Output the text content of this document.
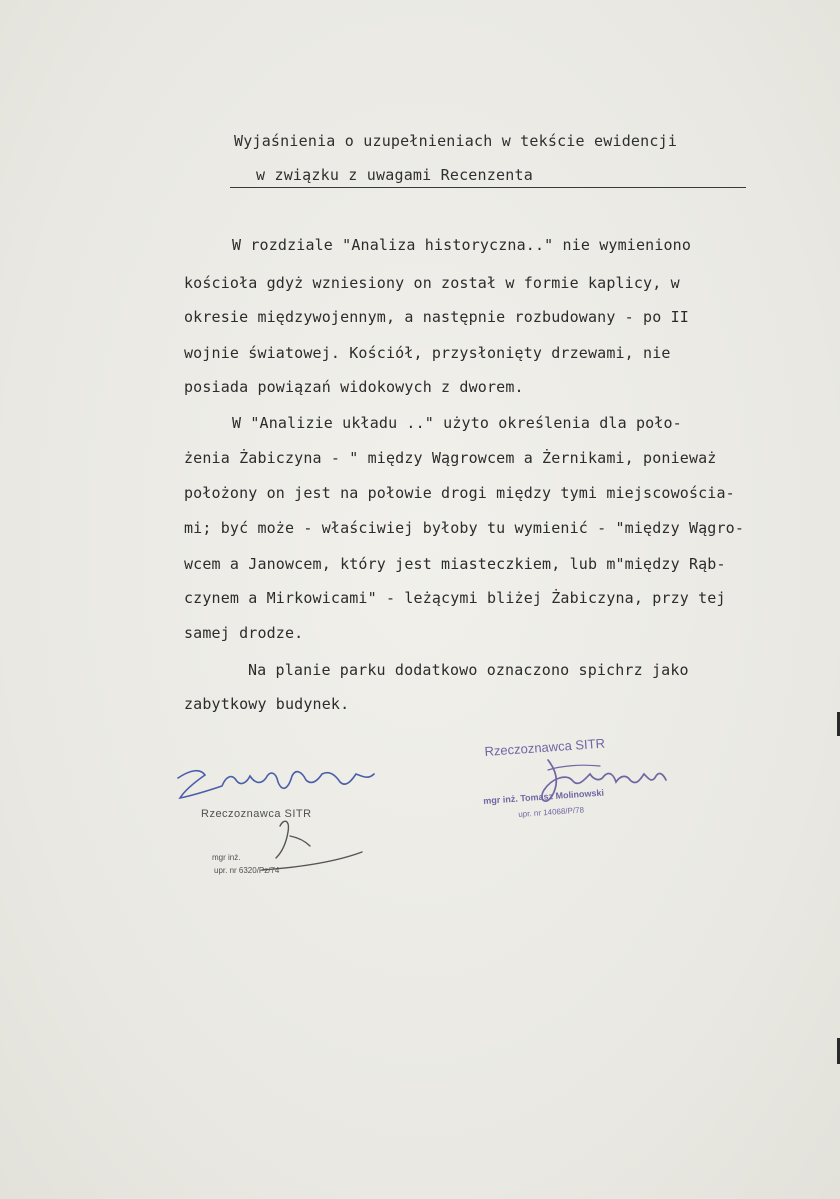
Wyjaśnienia o uzupełnieniach w tekście ewidencji
w związku z uwagami Recenzenta
W rozdziale "Analiza historyczna.." nie wymieniono
kościoła gdyż wzniesiony on został w formie kaplicy, w
okresie międzywojennym, a następnie rozbudowany - po II
wojnie światowej. Kościół, przysłonięty drzewami, nie
posiada powiązań widokowych z dworem.
W "Analizie układu .." użyto określenia dla poło-
żenia Żabiczyna - " między Wągrowcem a Żernikami, ponieważ
położony on jest na połowie drogi między tymi miejscowościa-
mi; być może - właściwiej byłoby tu wymienić - "między Wągro-
wcem a Janowcem, który jest miasteczkiem, lub m"między Rąb-
czynem a Mirkowicami" - leżącymi bliżej Żabiczyna, przy tej
samej drodze.
Na planie parku dodatkowo oznaczono spichrz jako
zabytkowy budynek.
Rzeczoznawca SITR
mgr inż.
upr. nr 6320/Pz/74
Rzeczoznawca SITR
mgr inż. Tomasz Molinowski
upr. nr 14068/P/78
